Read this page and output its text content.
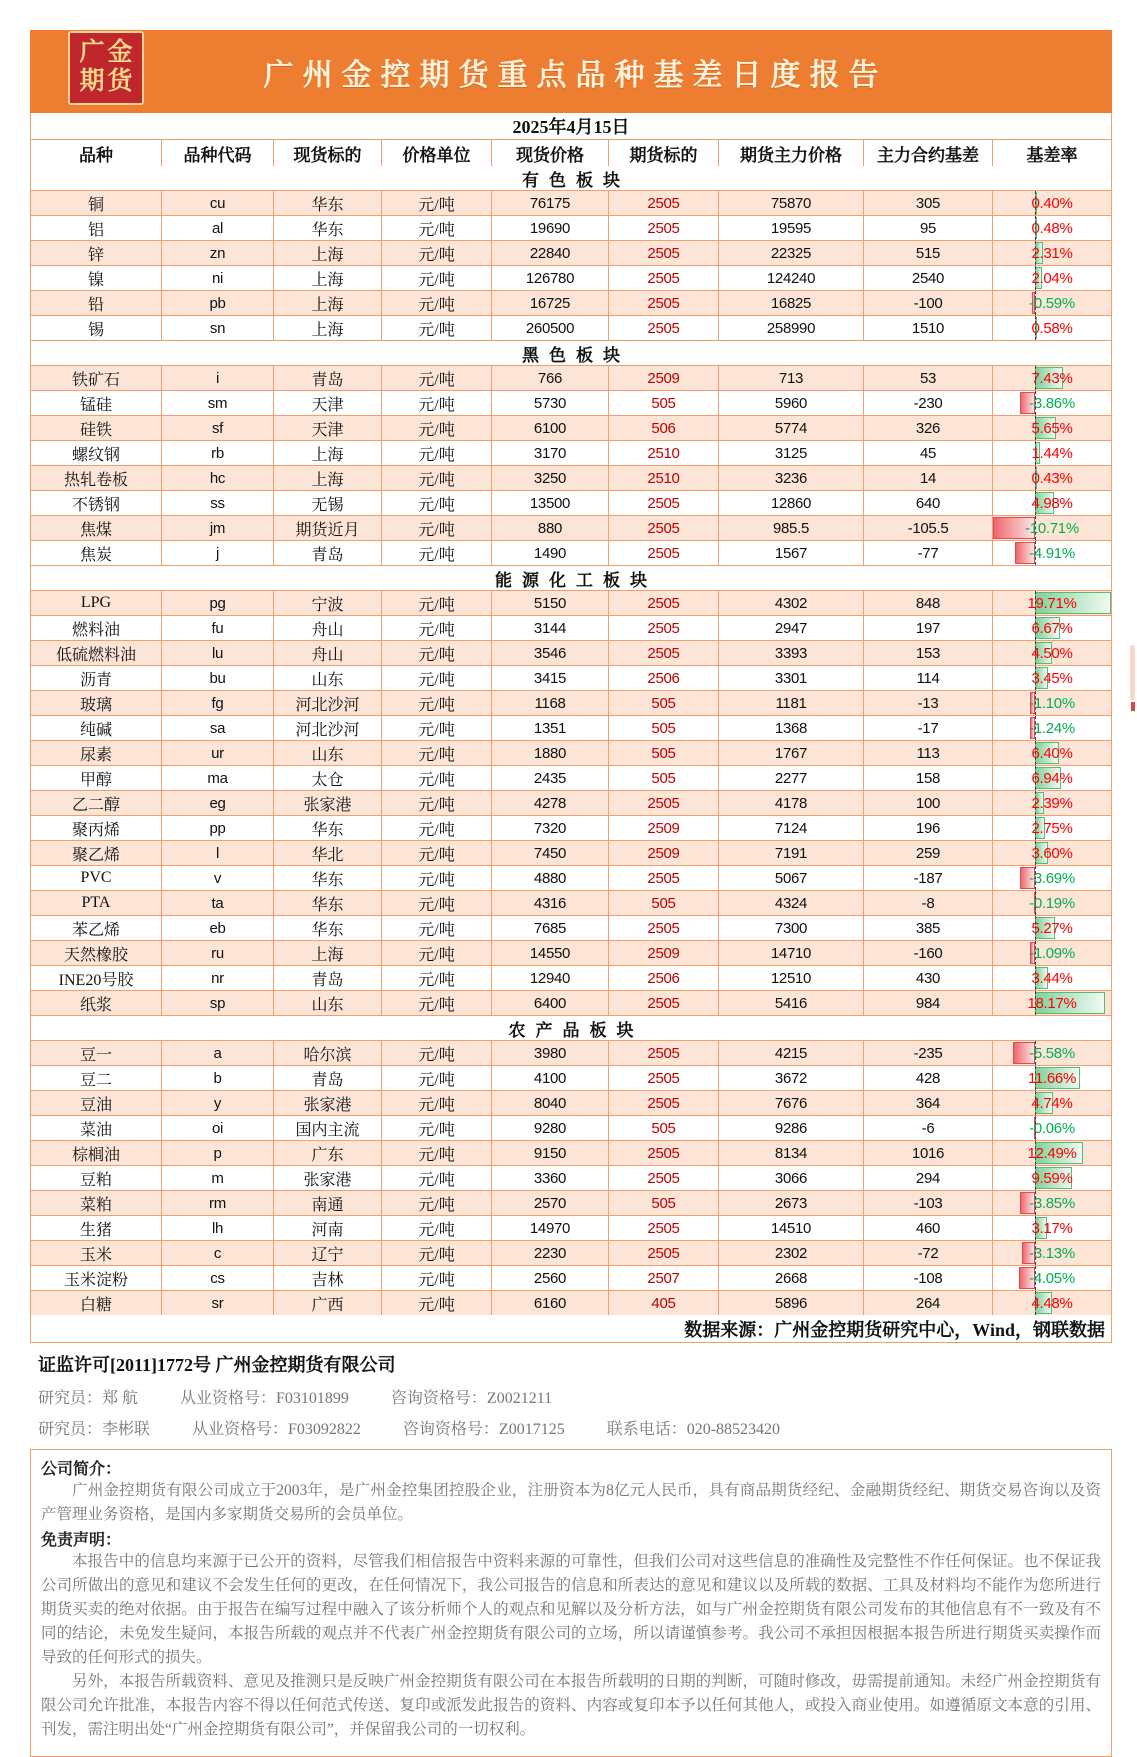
广金
期货	广州金控期货重点品种基差日度报告
2025年4月15日
品种	品种代码	现货标的	价格单位	现货价格	期货标的	期货主力价格	主力合约基差	基差率
有色板块
铜	cu	华东	元/吨	76175	2505	75870	305	0.40%
铝	al	华东	元/吨	19690	2505	19595	95	0.48%
锌	zn	上海	元/吨	22840	2505	22325	515	2.31%
镍	ni	上海	元/吨	126780	2505	124240	2540	2.04%
铅	pb	上海	元/吨	16725	2505	16825	-100	-0.59%
锡	sn	上海	元/吨	260500	2505	258990	1510	0.58%
黑色板块
铁矿石	i	青岛	元/吨	766	2509	713	53	7.43%
锰硅	sm	天津	元/吨	5730	505	5960	-230	-3.86%
硅铁	sf	天津	元/吨	6100	506	5774	326	5.65%
螺纹钢	rb	上海	元/吨	3170	2510	3125	45	1.44%
热轧卷板	hc	上海	元/吨	3250	2510	3236	14	0.43%
不锈钢	ss	无锡	元/吨	13500	2505	12860	640	4.98%
焦煤	jm	期货近月	元/吨	880	2505	985.5	-105.5	-10.71%
焦炭	j	青岛	元/吨	1490	2505	1567	-77	-4.91%
能源化工板块
LPG	pg	宁波	元/吨	5150	2505	4302	848	19.71%
燃料油	fu	舟山	元/吨	3144	2505	2947	197	6.67%
低硫燃料油	lu	舟山	元/吨	3546	2505	3393	153	4.50%
沥青	bu	山东	元/吨	3415	2506	3301	114	3.45%
玻璃	fg	河北沙河	元/吨	1168	505	1181	-13	-1.10%
纯碱	sa	河北沙河	元/吨	1351	505	1368	-17	-1.24%
尿素	ur	山东	元/吨	1880	505	1767	113	6.40%
甲醇	ma	太仓	元/吨	2435	505	2277	158	6.94%
乙二醇	eg	张家港	元/吨	4278	2505	4178	100	2.39%
聚丙烯	pp	华东	元/吨	7320	2509	7124	196	2.75%
聚乙烯	l	华北	元/吨	7450	2509	7191	259	3.60%
PVC	v	华东	元/吨	4880	2505	5067	-187	-3.69%
PTA	ta	华东	元/吨	4316	505	4324	-8	-0.19%
苯乙烯	eb	华东	元/吨	7685	2505	7300	385	5.27%
天然橡胶	ru	上海	元/吨	14550	2509	14710	-160	-1.09%
INE20号胶	nr	青岛	元/吨	12940	2506	12510	430	3.44%
纸浆	sp	山东	元/吨	6400	2505	5416	984	18.17%
农产品板块
豆一	a	哈尔滨	元/吨	3980	2505	4215	-235	-5.58%
豆二	b	青岛	元/吨	4100	2505	3672	428	11.66%
豆油	y	张家港	元/吨	8040	2505	7676	364	4.74%
菜油	oi	国内主流	元/吨	9280	505	9286	-6	-0.06%
棕榈油	p	广东	元/吨	9150	2505	8134	1016	12.49%
豆粕	m	张家港	元/吨	3360	2505	3066	294	9.59%
菜粕	rm	南通	元/吨	2570	505	2673	-103	-3.85%
生猪	lh	河南	元/吨	14970	2505	14510	460	3.17%
玉米	c	辽宁	元/吨	2230	2505	2302	-72	-3.13%
玉米淀粉	cs	吉林	元/吨	2560	2507	2668	-108	-4.05%
白糖	sr	广西	元/吨	6160	405	5896	264	4.48%
数据来源：广州金控期货研究中心，Wind，钢联数据
证监许可[2011]1772号 广州金控期货有限公司
研究员：郑 航	从业资格号：F03101899	咨询资格号：Z0021211
研究员：李彬联	从业资格号：F03092822	咨询资格号：Z0017125	联系电话：020-88523420
公司简介：

广州金控期货有限公司成立于2003年，是广州金控集团控股企业，注册资本为8亿元人民币，具有商品期货经纪、金融期货经纪、期货交易咨询以及资产管理业务资格，是国内多家期货交易所的会员单位。

免责声明：

本报告中的信息均来源于已公开的资料，尽管我们相信报告中资料来源的可靠性，但我们公司对这些信息的准确性及完整性不作任何保证。也不保证我公司所做出的意见和建议不会发生任何的更改，在任何情况下，我公司报告的信息和所表达的意见和建议以及所载的数据、工具及材料均不能作为您所进行期货买卖的绝对依据。由于报告在编写过程中融入了该分析师个人的观点和见解以及分析方法，如与广州金控期货有限公司发布的其他信息有不一致及有不同的结论，未免发生疑问，本报告所载的观点并不代表广州金控期货有限公司的立场，所以请谨慎参考。我公司不承担因根据本报告所进行期货买卖操作而导致的任何形式的损失。

另外，本报告所载资料、意见及推测只是反映广州金控期货有限公司在本报告所载明的日期的判断，可随时修改，毋需提前通知。未经广州金控期货有限公司允许批准，本报告内容不得以任何范式传送、复印或派发此报告的资料、内容或复印本予以任何其他人，或投入商业使用。如遵循原文本意的引用、刊发，需注明出处“广州金控期货有限公司”，并保留我公司的一切权利。
